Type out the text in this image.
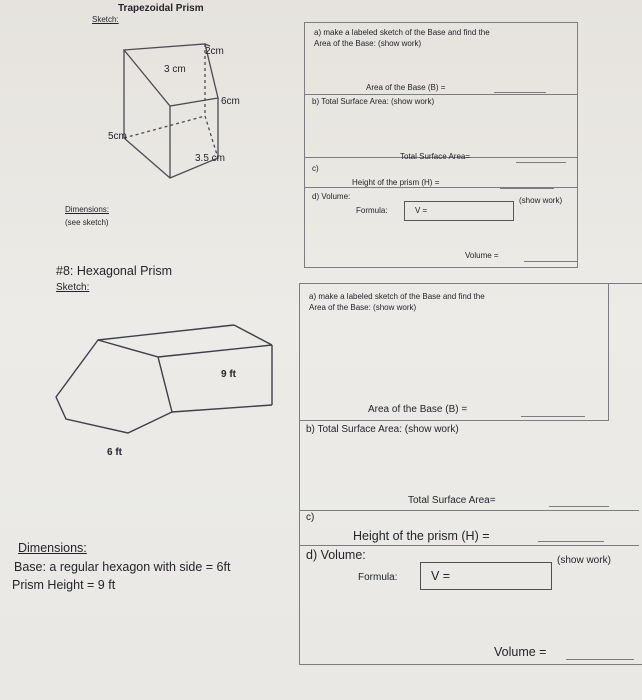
Trapezoidal Prism
Sketch:
2cm
3 cm
6cm
5cm
3.5 cm
Dimensions:
(see sketch)
a) make a labeled sketch of the Base and find the
Area of the Base: (show work)
Area of the Base (B) =
b) Total Surface Area: (show work)
Total Surface Area=
c)
Height of the prism (H) =
d) Volume:	(show work)
Formula:	V =
Volume =
#8: Hexagonal Prism
Sketch:
9 ft
6 ft
Dimensions:
Base: a regular hexagon with side = 6ft
Prism Height = 9 ft
a) make a labeled sketch of the Base and find the
Area of the Base: (show work)
Area of the Base (B) =
b) Total Surface Area: (show work)
Total Surface Area=
c)
Height of the prism (H) =
d) Volume:	(show work)
Formula:	V =
Volume =
